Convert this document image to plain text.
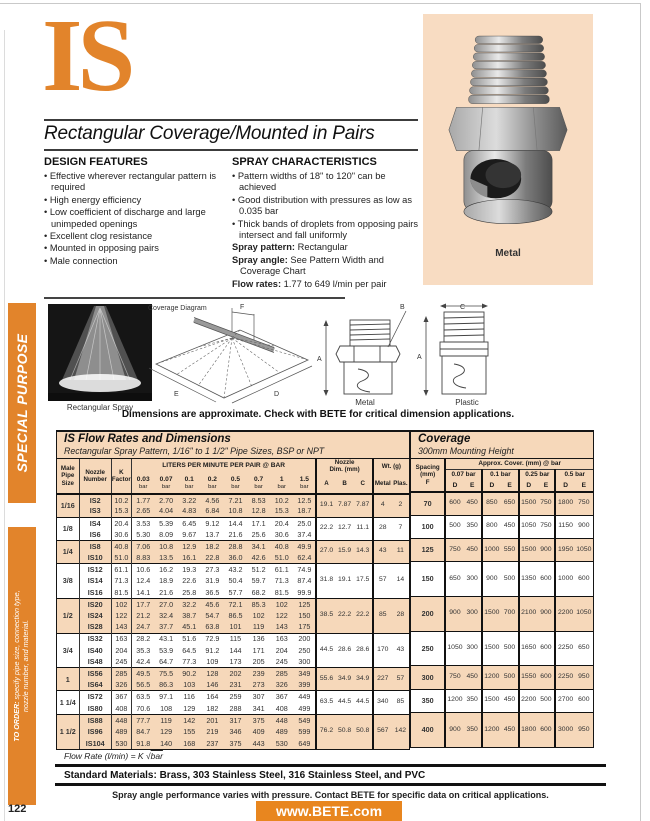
SPECIAL PURPOSE
TO ORDER: specify pipe size, connection type, nozzle number, and material.
IS
Rectangular Coverage/Mounted in Pairs
DESIGN FEATURES
• Effective wherever rectangular pattern is required
• High energy efficiency
• Low coefficient of discharge and large unimpeded openings
• Excellent clog resistance
• Mounted in opposing pairs
• Male connection
SPRAY CHARACTERISTICS
• Pattern widths of 18" to 120" can be achieved
• Good distribution with pressures as low as 0.035 bar
• Thick bands of droplets from opposing pairs intersect and fall uniformly
Spray pattern: Rectangular
Spray angle: See Pattern Width and Coverage Chart
Flow rates: 1.77 to 649 l/min per pair
Metal
Rectangular Spray
Coverage Diagram	F
E	D
A
B
Metal
C
A
Plastic
Dimensions are approximate. Check with BETE for critical dimension applications.
IS Flow Rates and Dimensions
Rectangular Spray Pattern, 1/16" to 1 1/2" Pipe Sizes, BSP or NPT
Male
Pipe
Size

Nozzle
Number

K
Factor
	LITERS PER MINUTE PER PAIR @ BAR	Nozzle
Dim. (mm)
	Wt. (g)

0.03
bar

0.07
bar

0.1
bar

0.2
bar

0.5
bar

0.7
bar

1
bar

1.5
bar
	A	B	C	Metal	Plas.
1/16	IS2	10.2	1.77	2.70	3.22	4.56	7.21	8.53	10.2	12.5	19.1	7.87	7.87	4	2
	IS3	15.3	2.65	4.04	4.83	6.84	10.8	12.8	15.3	18.7					
1/8	IS4	20.4	3.53	5.39	6.45	9.12	14.4	17.1	20.4	25.0	22.2	12.7	11.1	28	7
	IS6	30.6	5.30	8.09	9.67	13.7	21.6	25.6	30.6	37.4					
1/4	IS8	40.8	7.06	10.8	12.9	18.2	28.8	34.1	40.8	49.9	27.0	15.9	14.3	43	11
	IS10	51.0	8.83	13.5	16.1	22.8	36.0	42.6	51.0	62.4					
3/8	IS12	61.1	10.6	16.2	19.3	27.3	43.2	51.2	61.1	74.9	31.8	19.1	17.5	57	14
	IS14	71.3	12.4	18.9	22.6	31.9	50.4	59.7	71.3	87.4					
	IS16	81.5	14.1	21.6	25.8	36.5	57.7	68.2	81.5	99.9					
1/2	IS20	102	17.7	27.0	32.2	45.6	72.1	85.3	102	125	38.5	22.2	22.2	85	28
	IS24	122	21.2	32.4	38.7	54.7	86.5	102	122	150					
	IS28	143	24.7	37.7	45.1	63.8	101	119	143	175					
3/4	IS32	163	28.2	43.1	51.6	72.9	115	136	163	200	44.5	28.6	28.6	170	43
	IS40	204	35.3	53.9	64.5	91.2	144	171	204	250					
	IS48	245	42.4	64.7	77.3	109	173	205	245	300					
1	IS56	285	49.5	75.5	90.2	128	202	239	285	349	55.6	34.9	34.9	227	57
	IS64	326	56.5	86.3	103	146	231	273	326	399					
1 1/4	IS72	367	63.5	97.1	116	164	259	307	367	449	63.5	44.5	44.5	340	85
	IS80	408	70.6	108	129	182	288	341	408	499					
1 1/2	IS88	448	77.7	119	142	201	317	375	448	549	76.2	50.8	50.8	567	142
	IS96	489	84.7	129	155	219	346	409	489	599					
	IS104	530	91.8	140	168	237	375	443	530	649					
Coverage
300mm Mounting Height
Spacing
(mm)
F	Approx. Cover. (mm) @ bar							
	0.07 bar		0.1 bar		0.25 bar		0.5 bar	
	D	E	D	E	D	E	D	E
70	600	450	850	650	1500	750	1800	750
100	500	350	800	450	1050	750	1150	900
125	750	450	1000	550	1500	900	1950	1050
150	650	300	900	500	1350	600	1000	600
200	900	300	1500	700	2100	900	2200	1050
250	1050	300	1500	500	1650	600	2250	650
300	750	450	1200	500	1550	600	2250	950
350	1200	350	1500	450	2200	500	2700	600
400	900	350	1200	450	1800	600	3000	950
Flow Rate (l/min) = K √bar
Standard Materials: Brass, 303 Stainless Steel, 316 Stainless Steel, and PVC
Spray angle performance varies with pressure. Contact BETE for specific data on critical applications.
www.BETE.com
122
